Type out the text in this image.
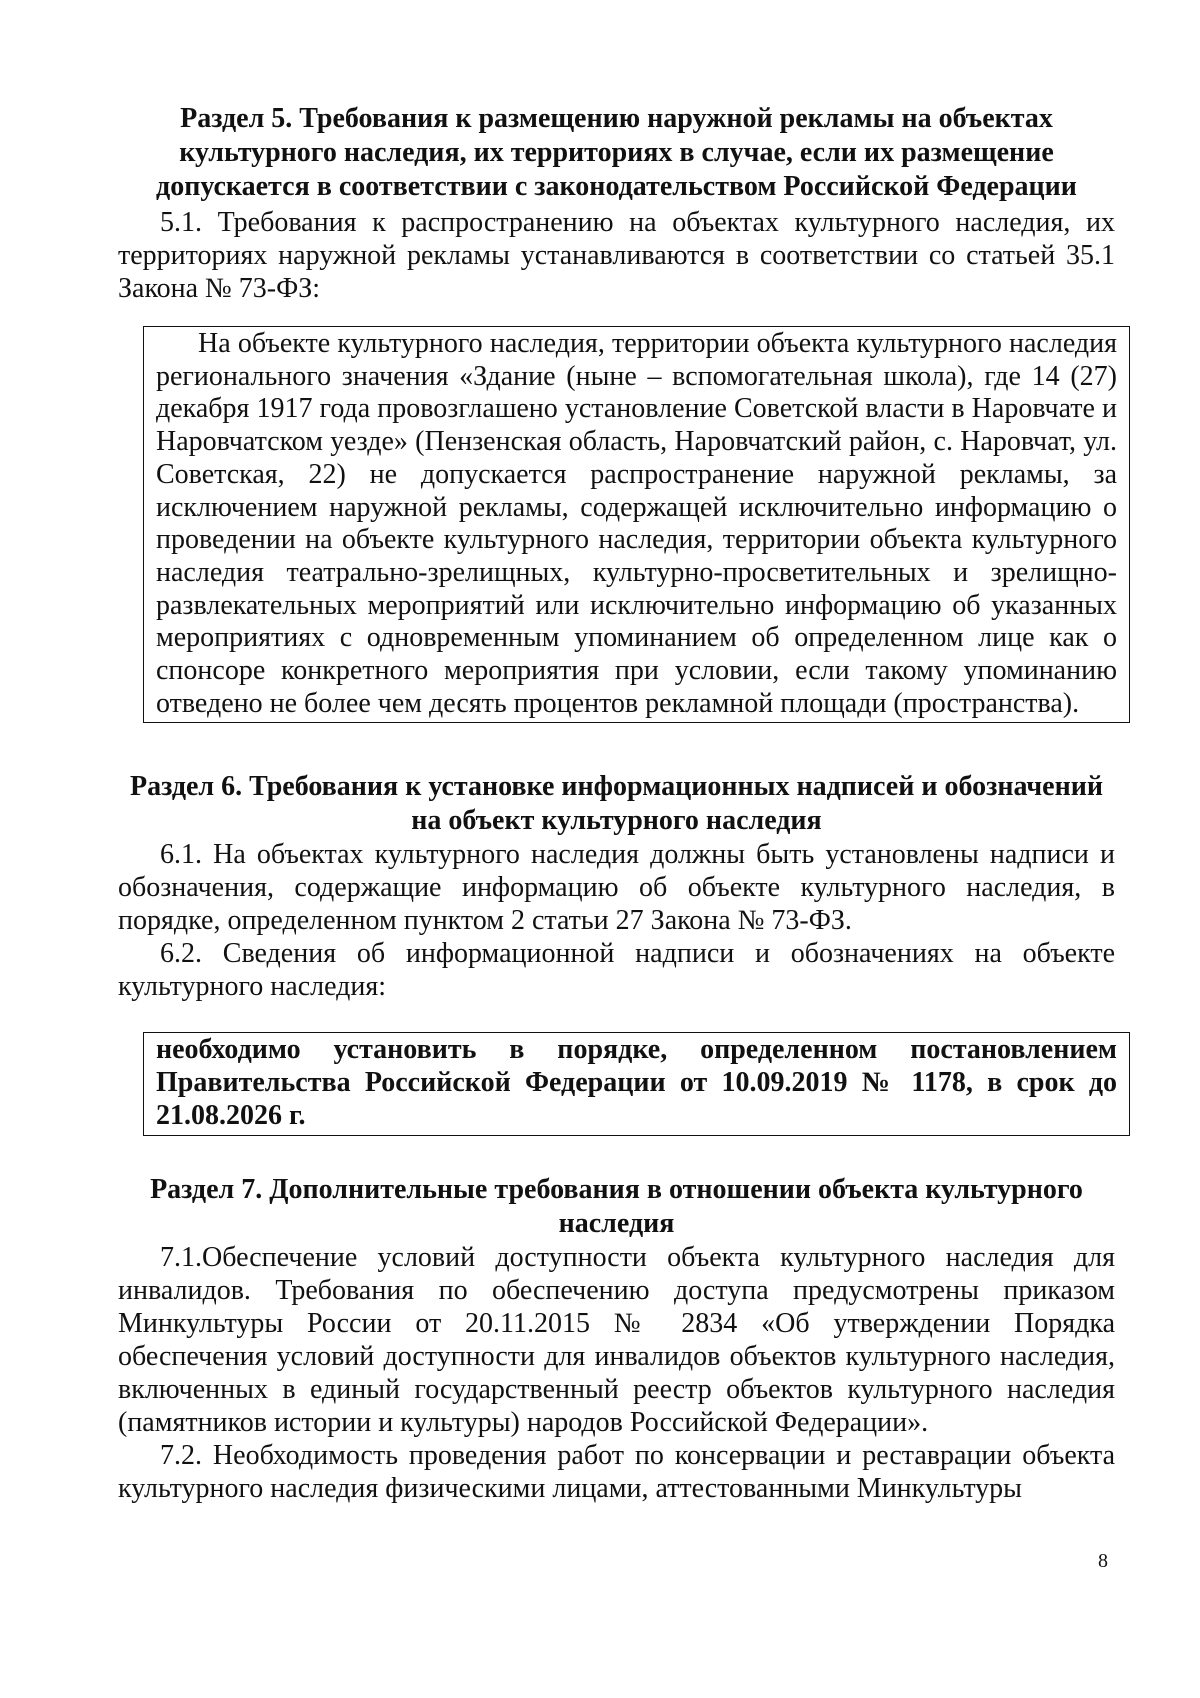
Раздел 5. Требования к размещению наружной рекламы на объектах культурного наследия, их территориях в случае, если их размещение допускается в соответствии с законодательством Российской Федерации

5.1. Требования к распространению на объектах культурного наследия, их территориях наружной рекламы устанавливаются в соответствии со статьей 35.1 Закона № 73-ФЗ:

На объекте культурного наследия, территории объекта культурного наследия регионального значения «Здание (ныне – вспомогательная школа), где 14 (27) декабря 1917 года провозглашено установление Советской власти в Наровчате и Наровчатском уезде» (Пензенская область, Наровчатский район, с. Наровчат, ул. Советская, 22) не допускается распространение наружной рекламы, за исключением наружной рекламы, содержащей исключительно информацию о проведении на объекте культурного наследия, территории объекта культурного наследия театрально-зрелищных, культурно-просветительных и зрелищно-развлекательных мероприятий или исключительно информацию об указанных мероприятиях с одновременным упоминанием об определенном лице как о спонсоре конкретного мероприятия при условии, если такому упоминанию отведено не более чем десять процентов рекламной площади (пространства).
Раздел 6. Требования к установке информационных надписей и обозначений на объект культурного наследия

6.1. На объектах культурного наследия должны быть установлены надписи и обозначения, содержащие информацию об объекте культурного наследия, в порядке, определенном пунктом 2 статьи 27 Закона № 73-ФЗ.

6.2. Сведения об информационной надписи и обозначениях на объекте культурного наследия:

необходимо установить в порядке, определенном постановлением Правительства Российской Федерации от 10.09.2019 № 1178, в срок до 21.08.2026 г.
Раздел 7. Дополнительные требования в отношении объекта культурного наследия

7.1.Обеспечение условий доступности объекта культурного наследия для инвалидов. Требования по обеспечению доступа предусмотрены приказом Минкультуры России от 20.11.2015 № 2834 «Об утверждении Порядка обеспечения условий доступности для инвалидов объектов культурного наследия, включенных в единый государственный реестр объектов культурного наследия (памятников истории и культуры) народов Российской Федерации».

7.2. Необходимость проведения работ по консервации и реставрации объекта культурного наследия физическими лицами, аттестованными Минкультуры

8
